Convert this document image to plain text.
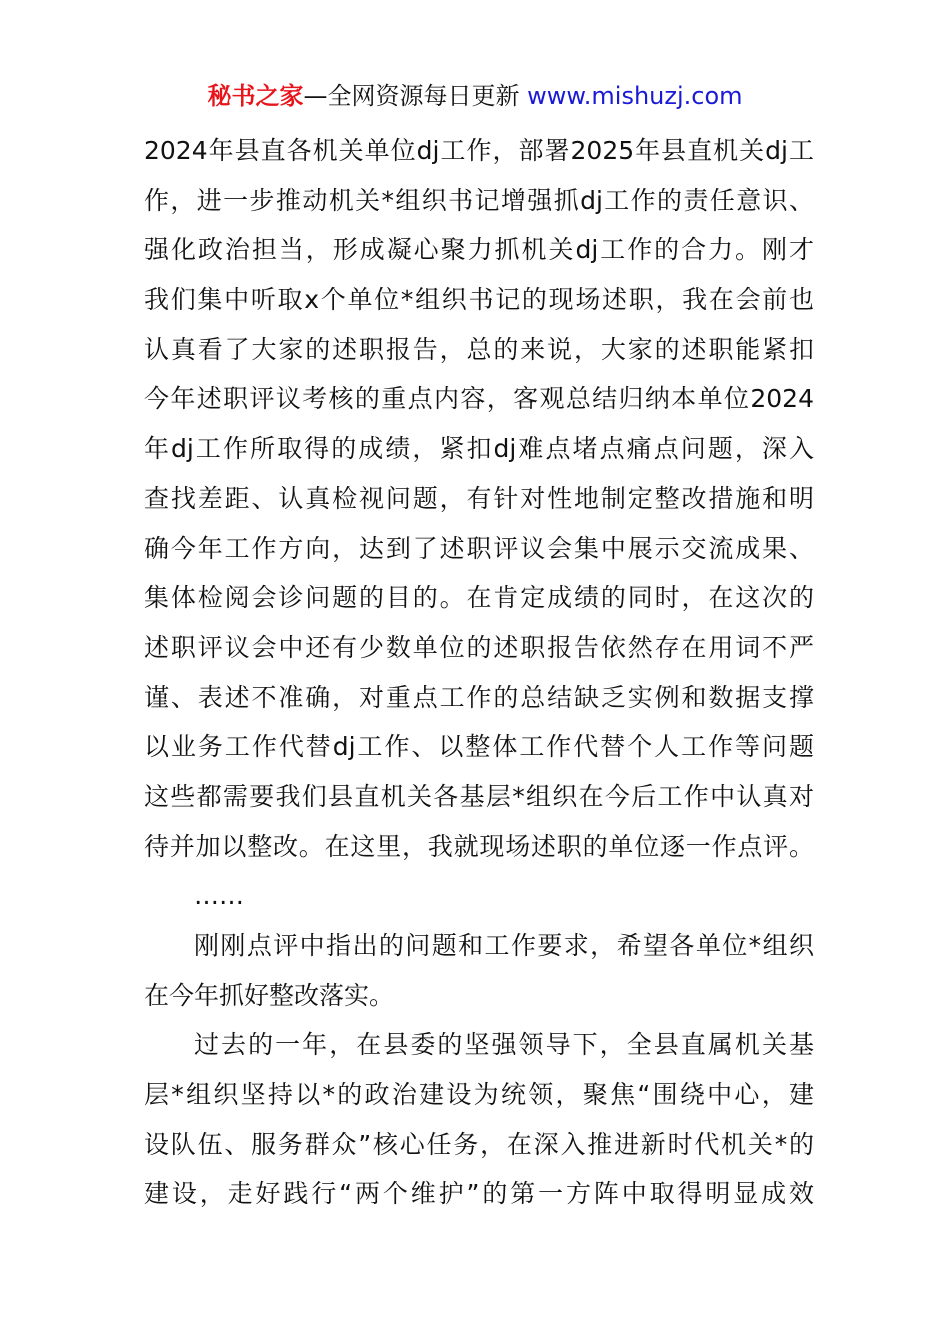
秘书之家—全网资源每日更新 www.mishuzj.com
2024年县直各机关单位dj工作，部署2025年县直机关dj工
作，进一步推动机关*组织书记增强抓dj工作的责任意识、
强化政治担当，形成凝心聚力抓机关dj工作的合力。刚才
我们集中听取x个单位*组织书记的现场述职，我在会前也
认真看了大家的述职报告，总的来说，大家的述职能紧扣
今年述职评议考核的重点内容，客观总结归纳本单位2024
年dj工作所取得的成绩，紧扣dj难点堵点痛点问题，深入
查找差距、认真检视问题，有针对性地制定整改措施和明
确今年工作方向，达到了述职评议会集中展示交流成果、
集体检阅会诊问题的目的。在肯定成绩的同时，在这次的
述职评议会中还有少数单位的述职报告依然存在用词不严
谨、表述不准确，对重点工作的总结缺乏实例和数据支撑
以业务工作代替dj工作、以整体工作代替个人工作等问题
这些都需要我们县直机关各基层*组织在今后工作中认真对
待并加以整改。在这里，我就现场述职的单位逐一作点评。
……
刚刚点评中指出的问题和工作要求，希望各单位*组织
在今年抓好整改落实。
过去的一年，在县委的坚强领导下，全县直属机关基
层*组织坚持以*的政治建设为统领，聚焦“围绕中心，建
设队伍、服务群众”核心任务，在深入推进新时代机关*的
建设，走好践行“两个维护”的第一方阵中取得明显成效
